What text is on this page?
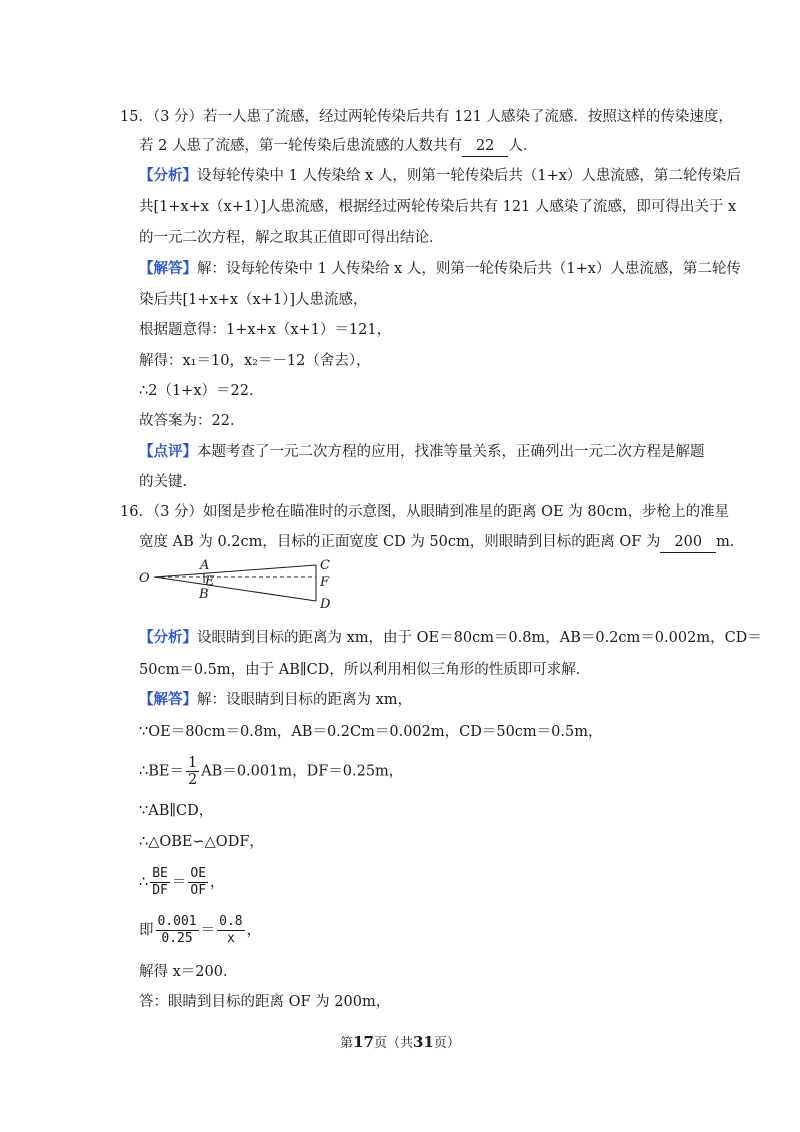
15．（3 分）若一人患了流感，经过两轮传染后共有 121 人感染了流感．按照这样的传染速度，
若 2 人患了流感，第一轮传染后患流感的人数共有 22 人．
【分析】设每轮传染中 1 人传染给 x 人，则第一轮传染后共（1+x）人患流感，第二轮传染后
共[1+x+x（x+1）]人患流感，根据经过两轮传染后共有 121 人感染了流感，即可得出关于 x
的一元二次方程，解之取其正值即可得出结论．
【解答】解：设每轮传染中 1 人传染给 x 人，则第一轮传染后共（1+x）人患流感，第二轮传
染后共[1+x+x（x+1）]人患流感，
根据题意得：1+x+x（x+1）＝121，
解得：x₁＝10，x₂＝－12（舍去），
∴2（1+x）＝22．
故答案为：22．
【点评】本题考查了一元二次方程的应用，找准等量关系，正确列出一元二次方程是解题
的关键．
16．（3 分）如图是步枪在瞄准时的示意图，从眼睛到准星的距离 OE 为 80cm，步枪上的准星
宽度 AB 为 0.2cm，目标的正面宽度 CD 为 50cm，则眼睛到目标的距离 OF 为 200 m．
O
A
E
B
C
F
D
【分析】设眼睛到目标的距离为 xm，由于 OE＝80cm＝0.8m，AB＝0.2cm＝0.002m，CD＝
50cm＝0.5m，由于 AB∥CD，所以利用相似三角形的性质即可求解．
【解答】解：设眼睛到目标的距离为 xm，
∵OE＝80cm＝0.8m，AB＝0.2Cm＝0.002m，CD＝50cm＝0.5m，
∴BE＝ $\frac{1}{2} AB=0.001m$，DF＝0.25m，
∵AB∥CD，
∴△OBE∽△ODF，
∴ $\frac{BE}{DF} = \frac{OE}{OF}$ ，
即 $\frac{0.001}{0.25} = \frac{0.8}{x}$ ，
解得 x＝200．
答：眼睛到目标的距离 OF 为 200m，
第17页（共31页）
